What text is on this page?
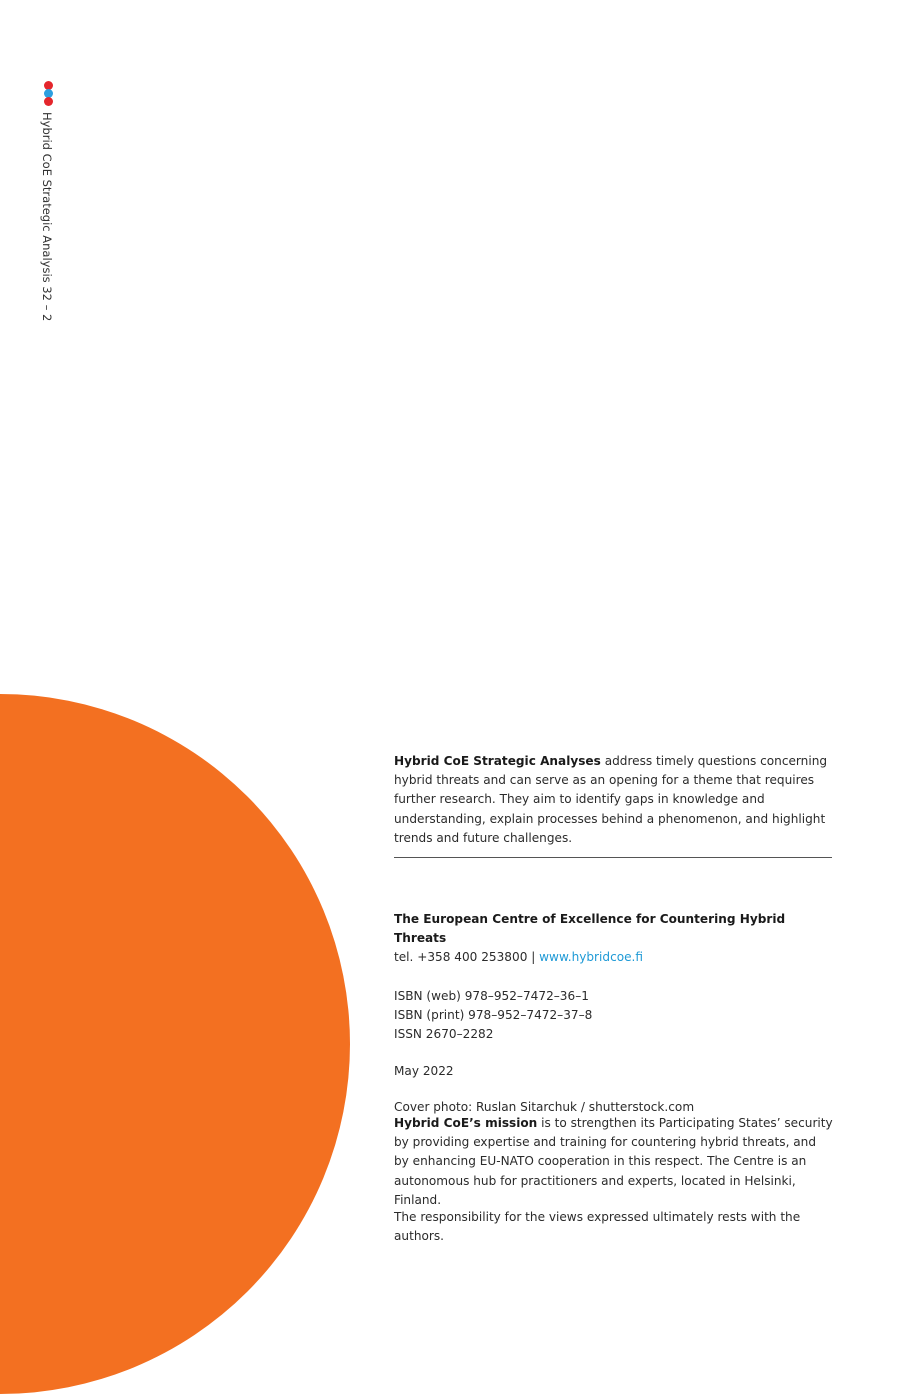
Hybrid CoE Strategic Analysis 32 – 2

Hybrid CoE Strategic Analyses address timely questions concerning hybrid threats and can serve as an opening for a theme that requires further research. They aim to identify gaps in knowledge and understanding, explain processes behind a phenomenon, and highlight trends and future challenges.

The European Centre of Excellence for Countering Hybrid Threats

tel. +358 400 253800 | www.hybridcoe.fi

ISBN (web) 978–952–7472–36–1

ISBN (print) 978–952–7472–37–8

ISSN 2670–2282

May 2022

Cover photo: Ruslan Sitarchuk / shutterstock.com

Hybrid CoE’s mission is to strengthen its Participating States’ security by providing expertise and training for countering hybrid threats, and by enhancing EU-NATO cooperation in this respect. The Centre is an autonomous hub for practitioners and experts, located in Helsinki, Finland.

The responsibility for the views expressed ultimately rests with the authors.
